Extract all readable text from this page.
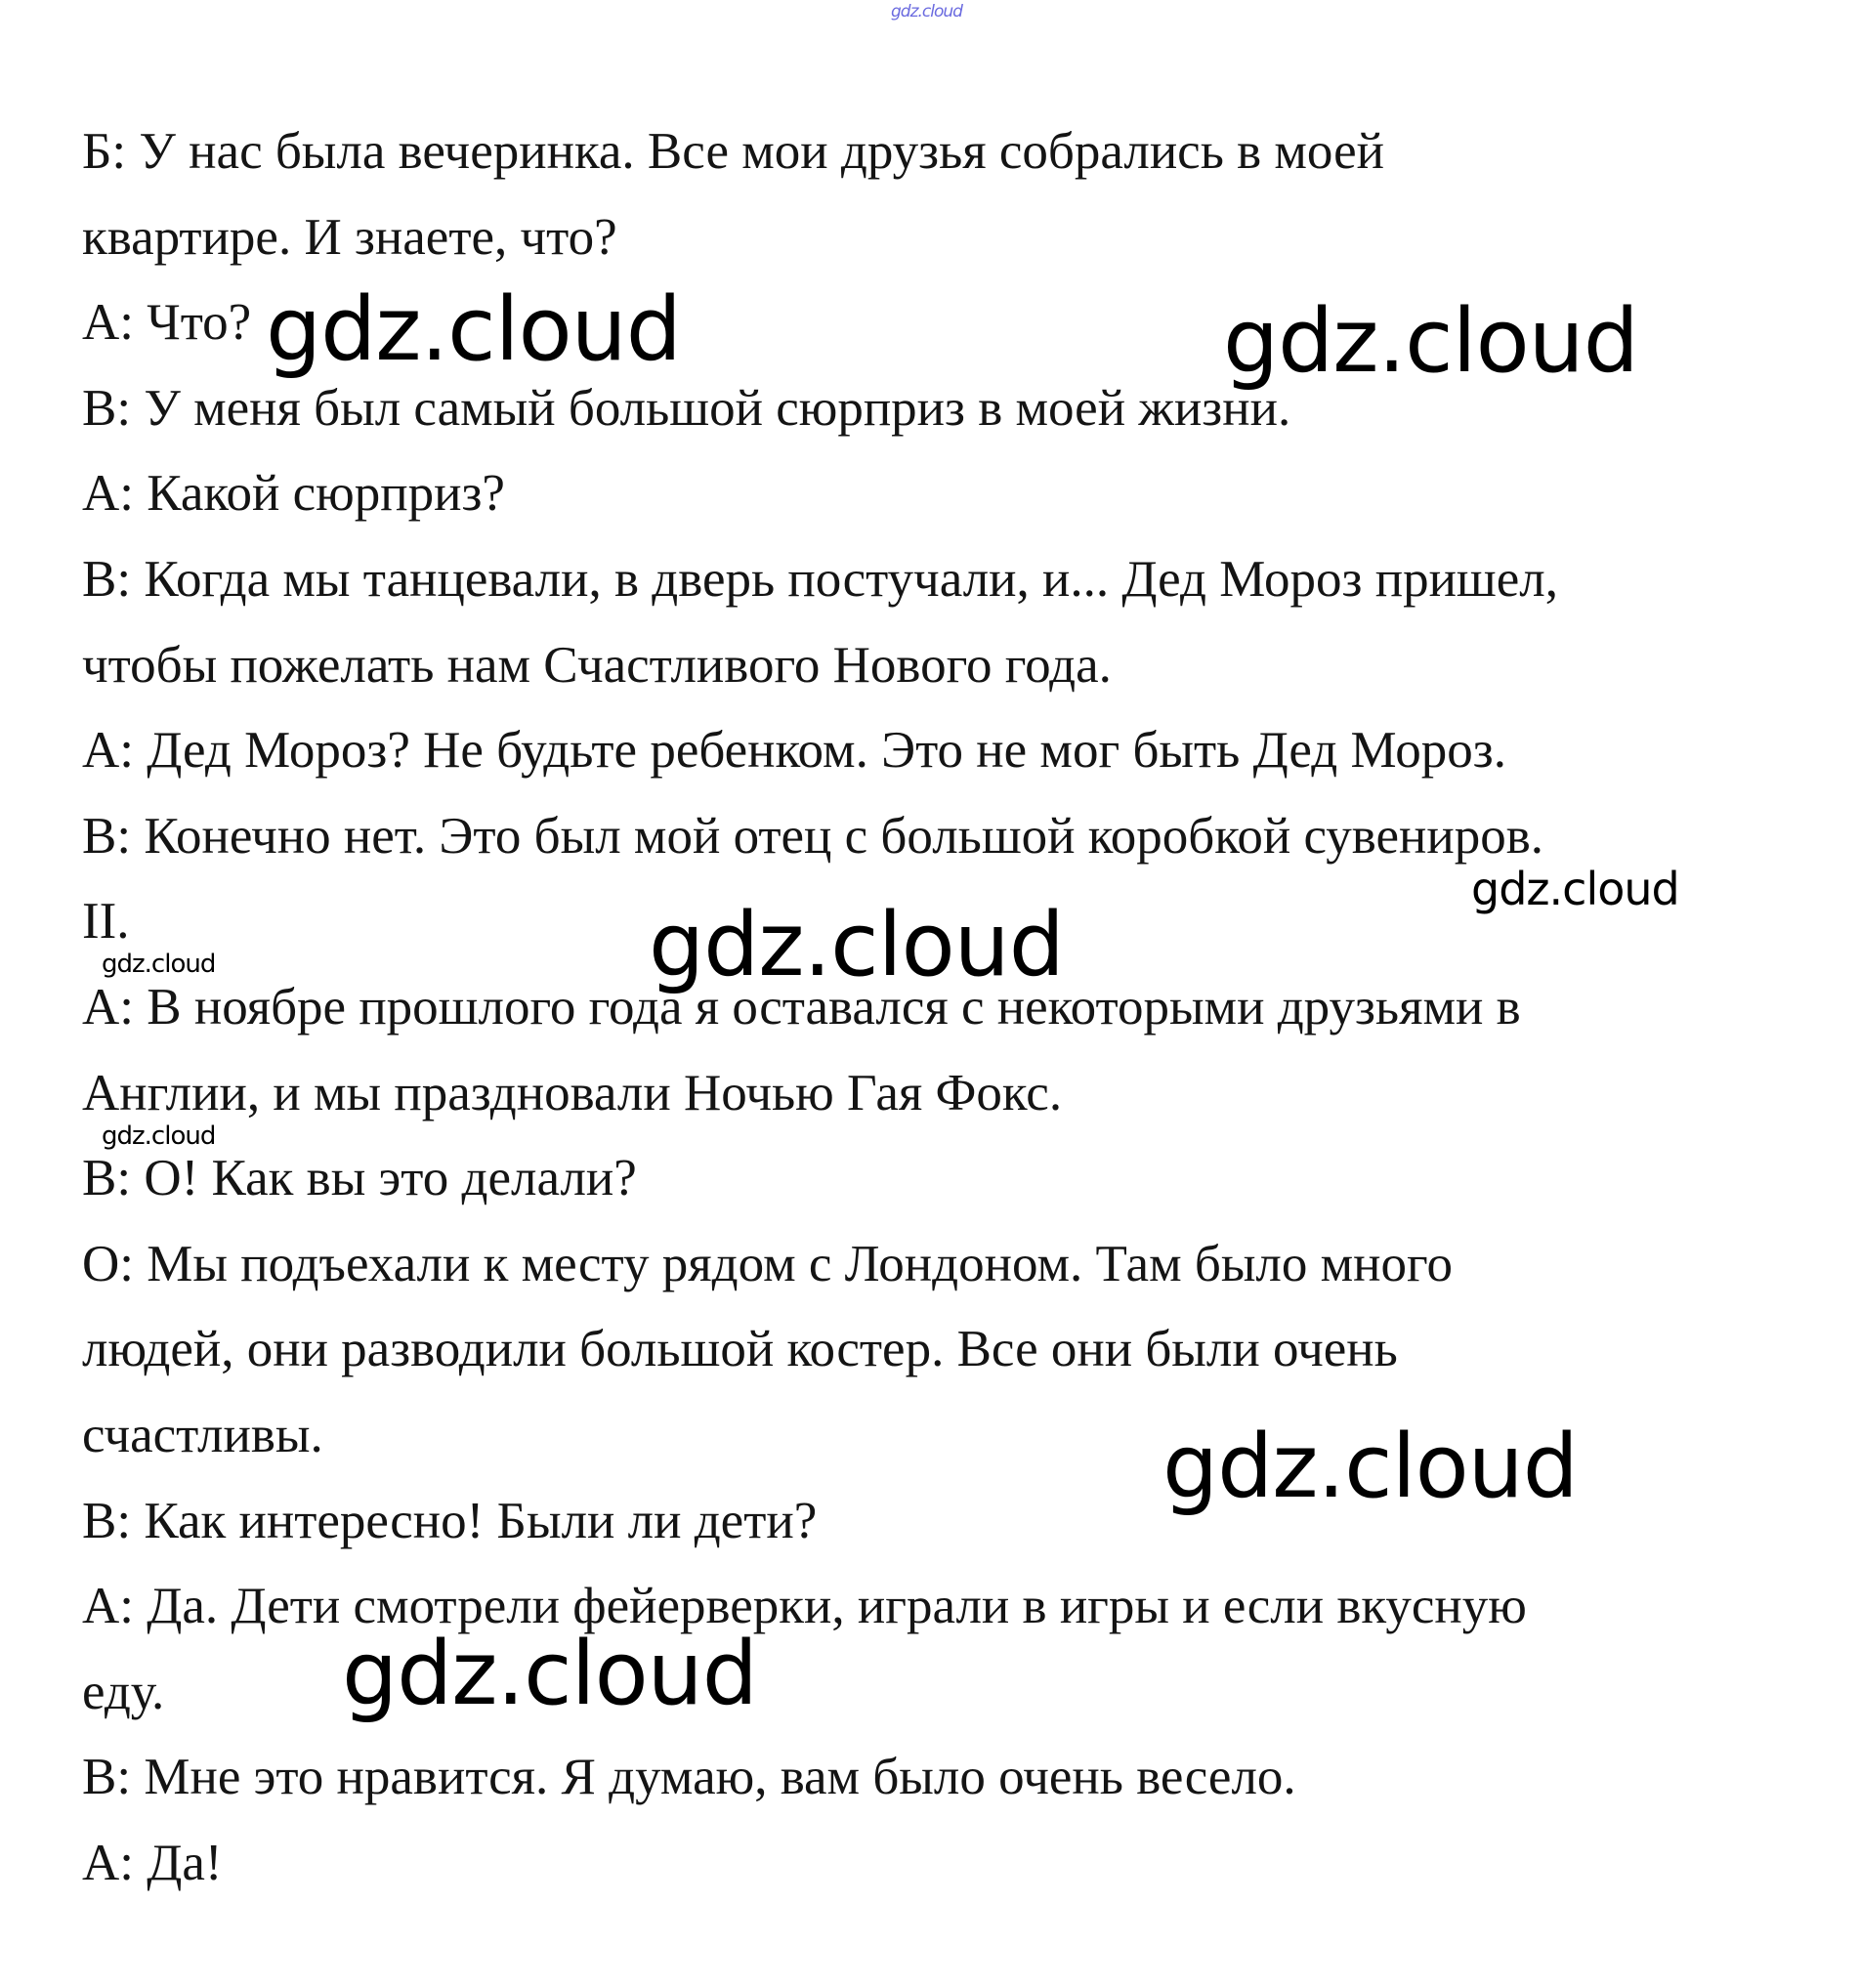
Б: У нас была вечеринка. Все мои друзья собрались в моей
квартире. И знаете, что?
А: Что?
В: У меня был самый большой сюрприз в моей жизни.
А: Какой сюрприз?
В: Когда мы танцевали, в дверь постучали, и... Дед Мороз пришел,
чтобы пожелать нам Счастливого Нового года.
А: Дед Мороз? Не будьте ребенком. Это не мог быть Дед Мороз.
В: Конечно нет. Это был мой отец с большой коробкой сувениров.
II.
А: В ноябре прошлого года я оставался с некоторыми друзьями в
Англии, и мы праздновали Ночью Гая Фокс.
В: О! Как вы это делали?
О: Мы подъехали к месту рядом с Лондоном. Там было много
людей, они разводили большой костер. Все они были очень
счастливы.
В: Как интересно! Были ли дети?
А: Да. Дети смотрели фейерверки, играли в игры и если вкусную
еду.
В: Мне это нравится. Я думаю, вам было очень весело.
А: Да!
gdz.cloud
gdz.cloud	gdz.cloud
gdz.cloud
gdz.cloud
gdz.cloud
gdz.cloud
gdz.cloud
gdz.cloud
